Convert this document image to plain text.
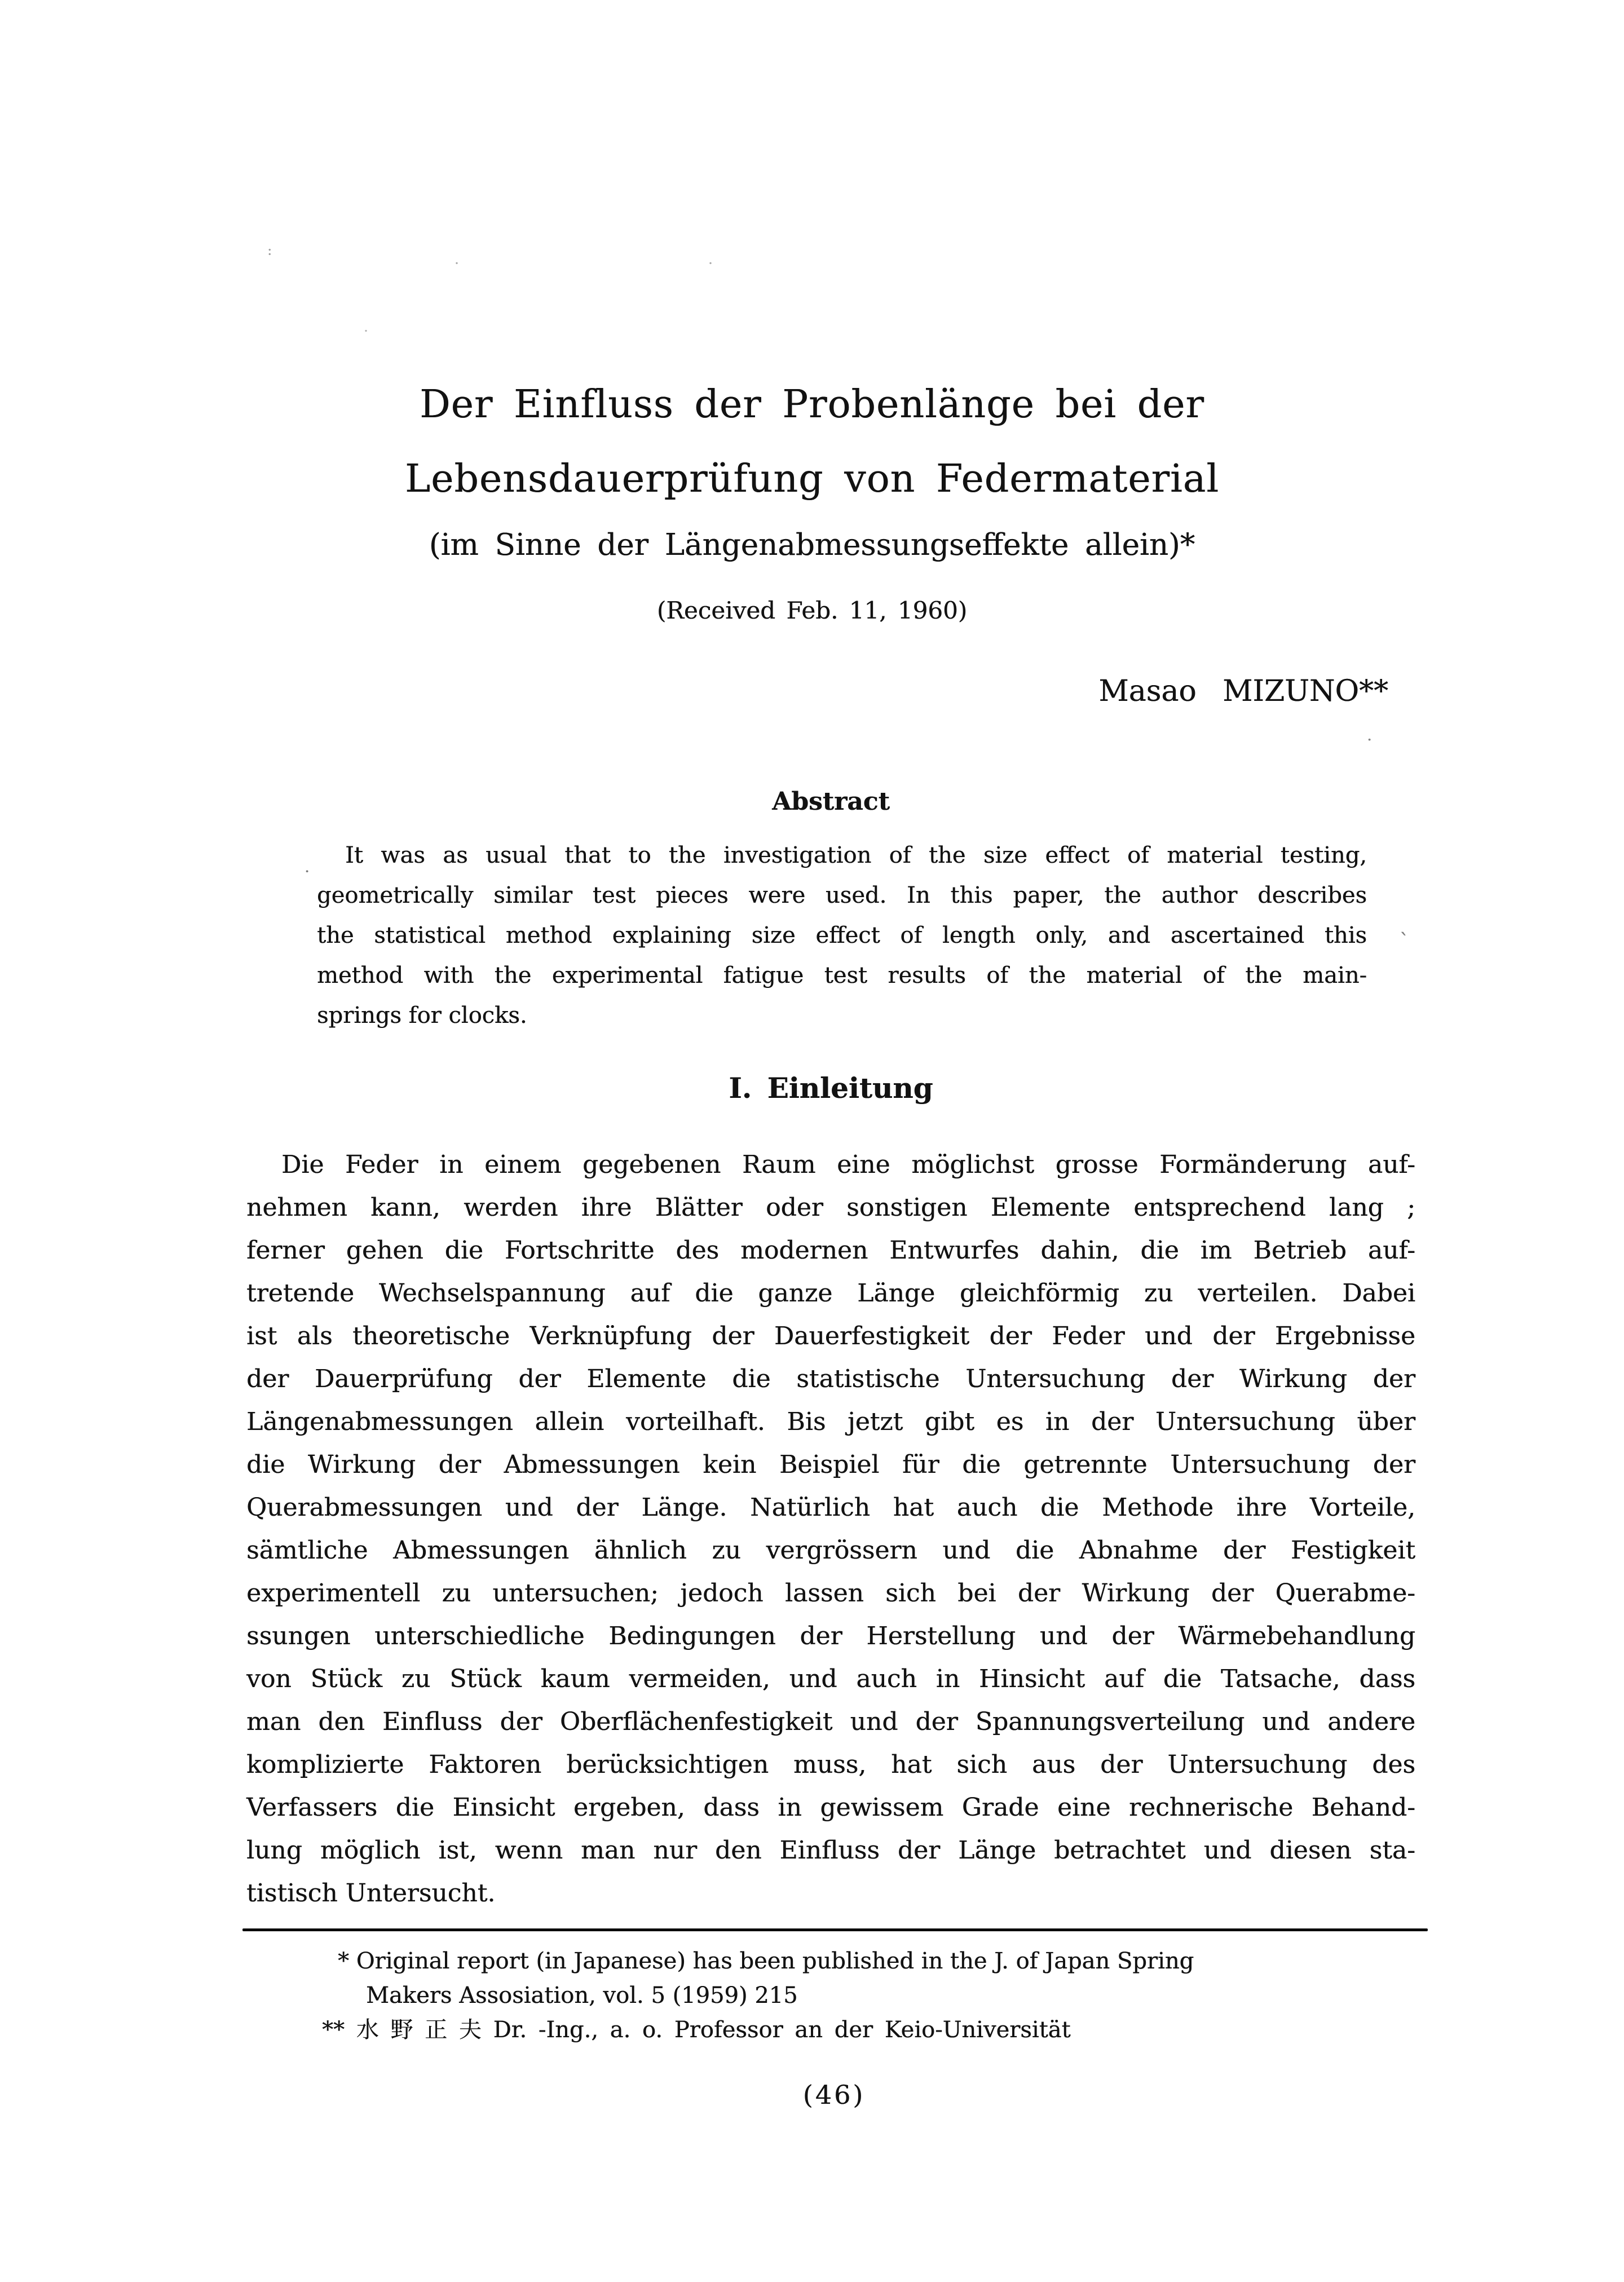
Der Einfluss der Probenlänge bei der
Lebensdauerprüfung von Federmaterial
(im Sinne der Längenabmessungseffekte allein)*
(Received Feb. 11, 1960)
Masao MIZUNO**
Abstract
It was as usual that to the investigation of the size effect of material testing,
geometrically similar test pieces were used. In this paper, the author describes
the statistical method explaining size effect of length only, and ascertained this
method with the experimental fatigue test results of the material of the main-
springs for clocks.
I. Einleitung
Die Feder in einem gegebenen Raum eine möglichst grosse Formänderung auf-
nehmen kann, werden ihre Blätter oder sonstigen Elemente entsprechend lang ;
ferner gehen die Fortschritte des modernen Entwurfes dahin, die im Betrieb auf-
tretende Wechselspannung auf die ganze Länge gleichförmig zu verteilen. Dabei
ist als theoretische Verknüpfung der Dauerfestigkeit der Feder und der Ergebnisse
der Dauerprüfung der Elemente die statistische Untersuchung der Wirkung der
Längenabmessungen allein vorteilhaft. Bis jetzt gibt es in der Untersuchung über
die Wirkung der Abmessungen kein Beispiel für die getrennte Untersuchung der
Querabmessungen und der Länge. Natürlich hat auch die Methode ihre Vorteile,
sämtliche Abmessungen ähnlich zu vergrössern und die Abnahme der Festigkeit
experimentell zu untersuchen; jedoch lassen sich bei der Wirkung der Querabme-
ssungen unterschiedliche Bedingungen der Herstellung und der Wärmebehandlung
von Stück zu Stück kaum vermeiden, und auch in Hinsicht auf die Tatsache, dass
man den Einfluss der Oberflächenfestigkeit und der Spannungsverteilung und andere
komplizierte Faktoren berücksichtigen muss, hat sich aus der Untersuchung des
Verfassers die Einsicht ergeben, dass in gewissem Grade eine rechnerische Behand-
lung möglich ist, wenn man nur den Einfluss der Länge betrachtet und diesen sta-
tistisch Untersucht.
* Original report (in Japanese) has been published in the J. of Japan Spring
Makers Assosiation, vol. 5 (1959) 215
** 水 野 正 夫 Dr. -Ing., a. o. Professor an der Keio-Universität
(46)
:
.	.
.
.
·
`
